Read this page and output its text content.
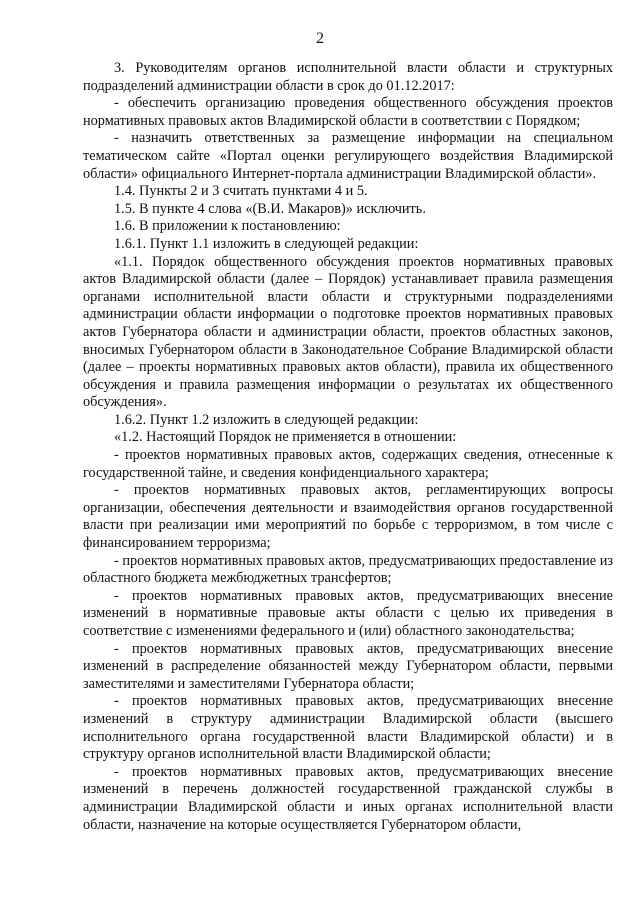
2

3. Руководителям органов исполнительной власти области и структурных подразделений администрации области в срок до 01.12.2017:

- обеспечить организацию проведения общественного обсуждения проектов нормативных правовых актов Владимирской области в соответствии с Порядком;

- назначить ответственных за размещение информации на специальном тематическом сайте «Портал оценки регулирующего воздействия Владимирской области» официального Интернет-портала администрации Владимирской области».

1.4. Пункты 2 и 3 считать пунктами 4 и 5.

1.5. В пункте 4 слова «(В.И. Макаров)» исключить.

1.6. В приложении к постановлению:

1.6.1. Пункт 1.1 изложить в следующей редакции:

«1.1. Порядок общественного обсуждения проектов нормативных правовых актов Владимирской области (далее – Порядок) устанавливает правила размещения органами исполнительной власти области и структурными подразделениями администрации области информации о подготовке проектов нормативных правовых актов Губернатора области и администрации области, проектов областных законов, вносимых Губернатором области в Законодательное Собрание Владимирской области (далее – проекты нормативных правовых актов области), правила их общественного обсуждения и правила размещения информации о результатах их общественного обсуждения».

1.6.2. Пункт 1.2 изложить в следующей редакции:

«1.2. Настоящий Порядок не применяется в отношении:

- проектов нормативных правовых актов, содержащих сведения, отнесенные к государственной тайне, и сведения конфиденциального характера;

- проектов нормативных правовых актов, регламентирующих вопросы организации, обеспечения деятельности и взаимодействия органов государственной власти при реализации ими мероприятий по борьбе с терроризмом, в том числе с финансированием терроризма;

- проектов нормативных правовых актов, предусматривающих предоставление из областного бюджета межбюджетных трансфертов;

- проектов нормативных правовых актов, предусматривающих внесение изменений в нормативные правовые акты области с целью их приведения в соответствие с изменениями федерального и (или) областного законодательства;

- проектов нормативных правовых актов, предусматривающих внесение изменений в распределение обязанностей между Губернатором области, первыми заместителями и заместителями Губернатора области;

- проектов нормативных правовых актов, предусматривающих внесение изменений в структуру администрации Владимирской области (высшего исполнительного органа государственной власти Владимирской области) и в структуру органов исполнительной власти Владимирской области;

- проектов нормативных правовых актов, предусматривающих внесение изменений в перечень должностей государственной гражданской службы в администрации Владимирской области и иных органах исполнительной власти области, назначение на которые осуществляется Губернатором области,
